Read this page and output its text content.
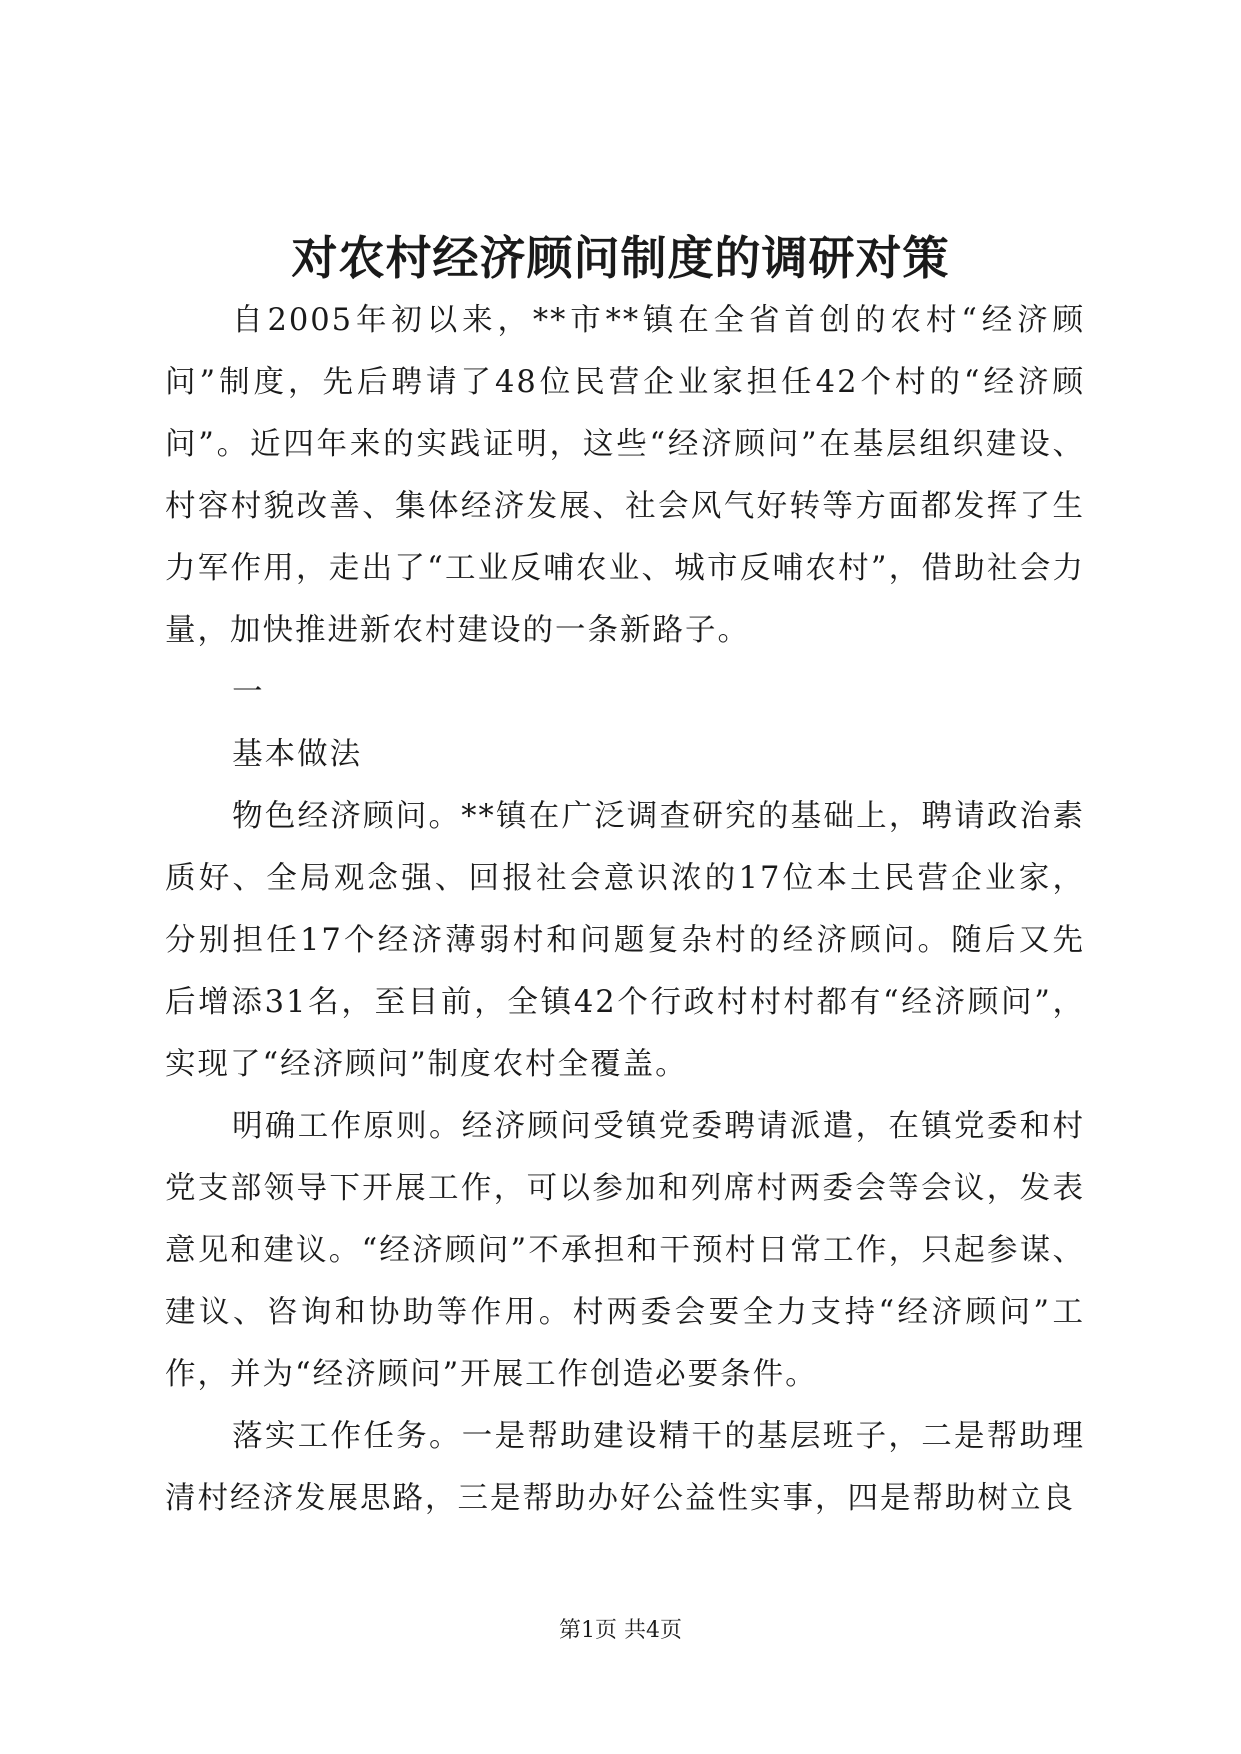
对农村经济顾问制度的调研对策

自2005年初以来，**市**镇在全省首创的农村“经济顾问”制度，先后聘请了48位民营企业家担任42个村的“经济顾问”。近四年来的实践证明，这些“经济顾问”在基层组织建设、村容村貌改善、集体经济发展、社会风气好转等方面都发挥了生力军作用，走出了“工业反哺农业、城市反哺农村”，借助社会力量，加快推进新农村建设的一条新路子。

一

基本做法

物色经济顾问。**镇在广泛调查研究的基础上，聘请政治素质好、全局观念强、回报社会意识浓的17位本土民营企业家，分别担任17个经济薄弱村和问题复杂村的经济顾问。随后又先后增添31名，至目前，全镇42个行政村村村都有“经济顾问”，实现了“经济顾问”制度农村全覆盖。

明确工作原则。经济顾问受镇党委聘请派遣，在镇党委和村党支部领导下开展工作，可以参加和列席村两委会等会议，发表意见和建议。“经济顾问”不承担和干预村日常工作，只起参谋、建议、咨询和协助等作用。村两委会要全力支持“经济顾问”工作，并为“经济顾问”开展工作创造必要条件。

落实工作任务。一是帮助建设精干的基层班子，二是帮助理清村经济发展思路，三是帮助办好公益性实事，四是帮助树立良

第1页 共4页
